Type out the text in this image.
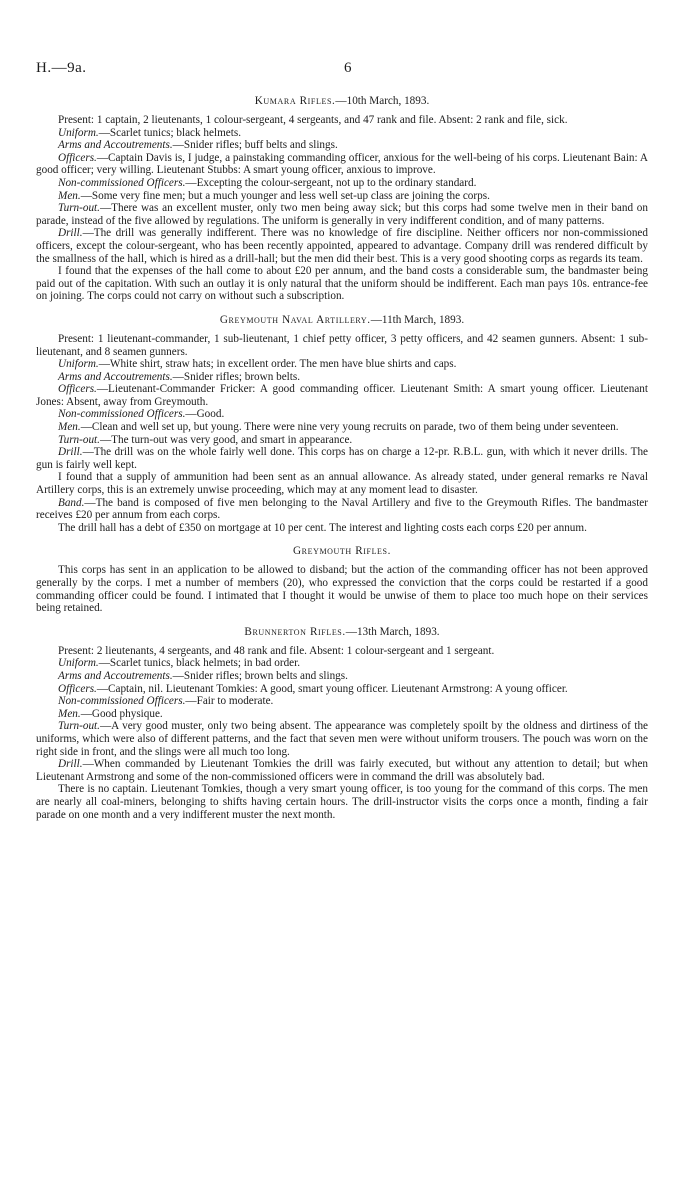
H.—9a.	6
Kumara Rifles.—10th March, 1893.

Present: 1 captain, 2 lieutenants, 1 colour-sergeant, 4 sergeants, and 47 rank and file. Absent: 2 rank and file, sick.

Uniform.—Scarlet tunics; black helmets.

Arms and Accoutrements.—Snider rifles; buff belts and slings.

Officers.—Captain Davis is, I judge, a painstaking commanding officer, anxious for the well-being of his corps. Lieutenant Bain: A good officer; very willing. Lieutenant Stubbs: A smart young officer, anxious to improve.

Non-commissioned Officers.—Excepting the colour-sergeant, not up to the ordinary standard.

Men.—Some very fine men; but a much younger and less well set-up class are joining the corps.

Turn-out.—There was an excellent muster, only two men being away sick; but this corps had some twelve men in their band on parade, instead of the five allowed by regulations. The uniform is generally in very indifferent condition, and of many patterns.

Drill.—The drill was generally indifferent. There was no knowledge of fire discipline. Neither officers nor non-commissioned officers, except the colour-sergeant, who has been recently appointed, appeared to advantage. Company drill was rendered difficult by the smallness of the hall, which is hired as a drill-hall; but the men did their best. This is a very good shooting corps as regards its team.

I found that the expenses of the hall come to about £20 per annum, and the band costs a considerable sum, the bandmaster being paid out of the capitation. With such an outlay it is only natural that the uniform should be indifferent. Each man pays 10s. entrance-fee on joining. The corps could not carry on without such a subscription.

Greymouth Naval Artillery.—11th March, 1893.

Present: 1 lieutenant-commander, 1 sub-lieutenant, 1 chief petty officer, 3 petty officers, and 42 seamen gunners. Absent: 1 sub-lieutenant, and 8 seamen gunners.

Uniform.—White shirt, straw hats; in excellent order. The men have blue shirts and caps.

Arms and Accoutrements.—Snider rifles; brown belts.

Officers.—Lieutenant-Commander Fricker: A good commanding officer. Lieutenant Smith: A smart young officer. Lieutenant Jones: Absent, away from Greymouth.

Non-commissioned Officers.—Good.

Men.—Clean and well set up, but young. There were nine very young recruits on parade, two of them being under seventeen.

Turn-out.—The turn-out was very good, and smart in appearance.

Drill.—The drill was on the whole fairly well done. This corps has on charge a 12-pr. R.B.L. gun, with which it never drills. The gun is fairly well kept.

I found that a supply of ammunition had been sent as an annual allowance. As already stated, under general remarks re Naval Artillery corps, this is an extremely unwise proceeding, which may at any moment lead to disaster.

Band.—The band is composed of five men belonging to the Naval Artillery and five to the Greymouth Rifles. The bandmaster receives £20 per annum from each corps.

The drill hall has a debt of £350 on mortgage at 10 per cent. The interest and lighting costs each corps £20 per annum.

Greymouth Rifles.

This corps has sent in an application to be allowed to disband; but the action of the commanding officer has not been approved generally by the corps. I met a number of members (20), who expressed the conviction that the corps could be restarted if a good commanding officer could be found. I intimated that I thought it would be unwise of them to place too much hope on their services being retained.

Brunnerton Rifles.—13th March, 1893.

Present: 2 lieutenants, 4 sergeants, and 48 rank and file. Absent: 1 colour-sergeant and 1 sergeant.

Uniform.—Scarlet tunics, black helmets; in bad order.

Arms and Accoutrements.—Snider rifles; brown belts and slings.

Officers.—Captain, nil. Lieutenant Tomkies: A good, smart young officer. Lieutenant Armstrong: A young officer.

Non-commissioned Officers.—Fair to moderate.

Men.—Good physique.

Turn-out.—A very good muster, only two being absent. The appearance was completely spoilt by the oldness and dirtiness of the uniforms, which were also of different patterns, and the fact that seven men were without uniform trousers. The pouch was worn on the right side in front, and the slings were all much too long.

Drill.—When commanded by Lieutenant Tomkies the drill was fairly executed, but without any attention to detail; but when Lieutenant Armstrong and some of the non-commissioned officers were in command the drill was absolutely bad.

There is no captain. Lieutenant Tomkies, though a very smart young officer, is too young for the command of this corps. The men are nearly all coal-miners, belonging to shifts having certain hours. The drill-instructor visits the corps once a month, finding a fair parade on one month and a very indifferent muster the next month.
